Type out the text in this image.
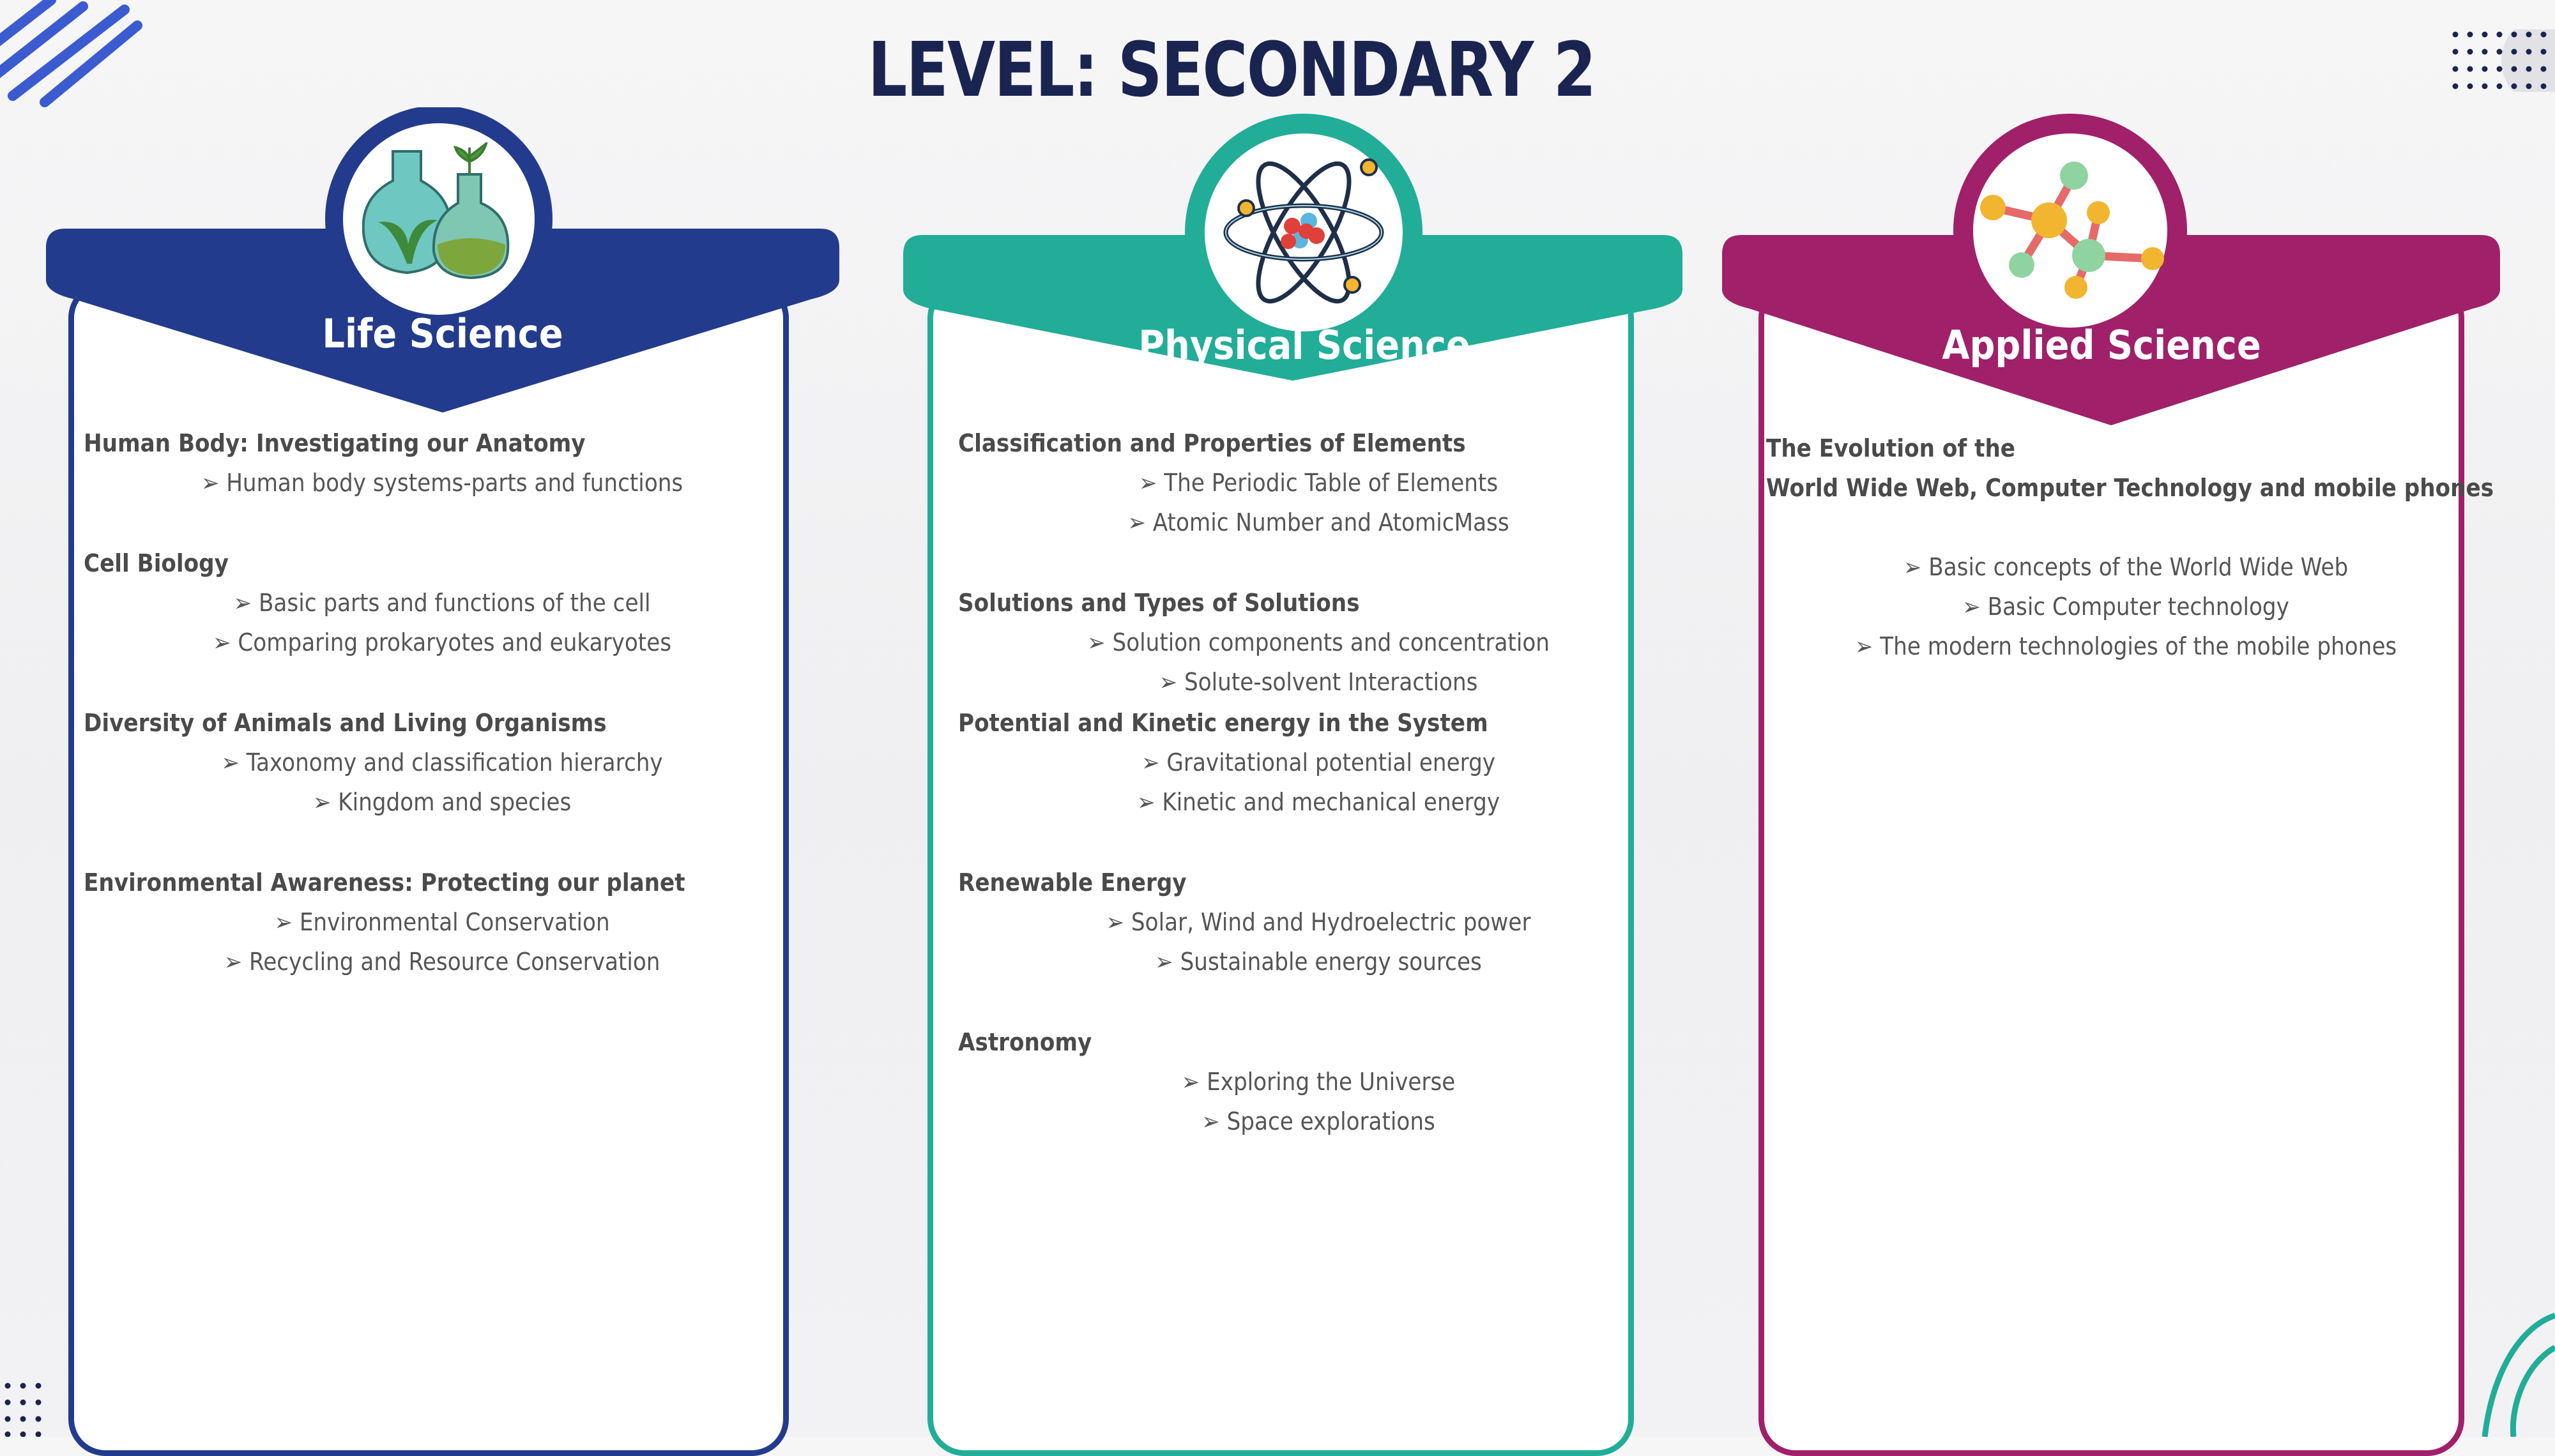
LEVEL: SECONDARY 2
Life Science
Human Body: Investigating our Anatomy
➢ Human body systems-parts and functions
Cell Biology
➢ Basic parts and functions of the cell
➢ Comparing prokaryotes and eukaryotes
Diversity of Animals and Living Organisms
➢ Taxonomy and classification hierarchy
➢ Kingdom and species
Environmental Awareness: Protecting our planet
➢ Environmental Conservation
➢ Recycling and Resource Conservation
Physical Science
Classification and Properties of Elements
➢ The Periodic Table of Elements
➢ Atomic Number and AtomicMass
Solutions and Types of Solutions
➢ Solution components and concentration
➢ Solute-solvent Interactions
Potential and Kinetic energy in the System
➢ Gravitational potential energy
➢ Kinetic and mechanical energy
Renewable Energy
➢ Solar, Wind and Hydroelectric power
➢ Sustainable energy sources
Astronomy
➢ Exploring the Universe
➢ Space explorations
Applied Science
The Evolution of the
World Wide Web, Computer Technology and mobile phones
➢ Basic concepts of the World Wide Web
➢ Basic Computer technology
➢ The modern technologies of the mobile phones
